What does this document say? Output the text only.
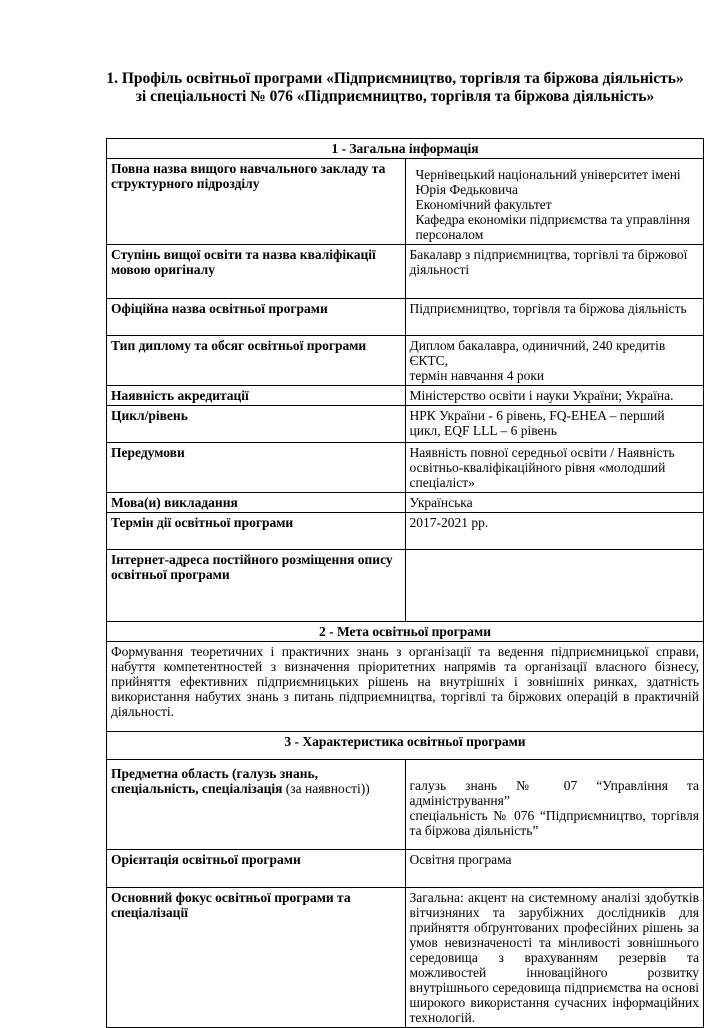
1. Профіль освітньої програми «Підприємництво, торгівля та біржова діяльність»
зі спеціальності № 076 «Підприємництво, торгівля та біржова діяльність»
1 - Загальна інформація	
Повна назва вищого навчального закладу та структурного підрозділу	Чернівецький національний університет імені Юрія Федьковича
Економічний факультет
Кафедра економіки підприємства та управління персоналом

Ступінь вищої освіти та назва кваліфікації мовою оригіналу	Бакалавр з підприємництва, торгівлі та біржової діяльності
Офіційна назва освітньої програми	Підприємництво, торгівля та біржова діяльність
Тип диплому та обсяг освітньої програми	Диплом бакалавра, одиничний, 240 кредитів ЄКТС,
термін навчання 4 роки

Наявність акредитації	Міністерство освіти і науки України; Україна.
Цикл/рівень	НРК України - 6 рівень, FQ-EHEA – перший цикл, EQF LLL – 6 рівень
Передумови	Наявність повної середньої освіти / Наявність освітньо-кваліфікаційного рівня «молодший спеціаліст»
Мова(и) викладання	Українська
Термін дії освітньої програми	2017-2021 рр.
Інтернет-адреса постійного розміщення опису освітньої програми	
2 - Мета освітньої програми	
Формування теоретичних і практичних знань з організації та ведення підприємницької справи, набуття компетентностей з визначення пріоритетних напрямів та організації власного бізнесу, прийняття ефективних підприємницьких рішень на внутрішніх і зовнішніх ринках, здатність використання набутих знань з питань підприємництва, торгівлі та біржових операцій в практичній діяльності.	
3 - Характеристика освітньої програми	
Предметна область (галузь знань, спеціальність, спеціалізація (за наявності))	галузь знань № 07 “Управління та адміністрування”
спеціальність № 076 “Підприємництво, торгівля та біржова діяльність”

Орієнтація освітньої програми	Освітня програма
Основний фокус освітньої програми та спеціалізації	Загальна: акцент на системному аналізі здобутків вітчизняних та зарубіжних дослідників для прийняття обґрунтованих професійних рішень за умов невизначеності та мінливості зовнішнього середовища з врахуванням резервів та можливостей інноваційного розвитку внутрішнього середовища підприємства на основі широкого використання сучасних інформаційних технологій.
